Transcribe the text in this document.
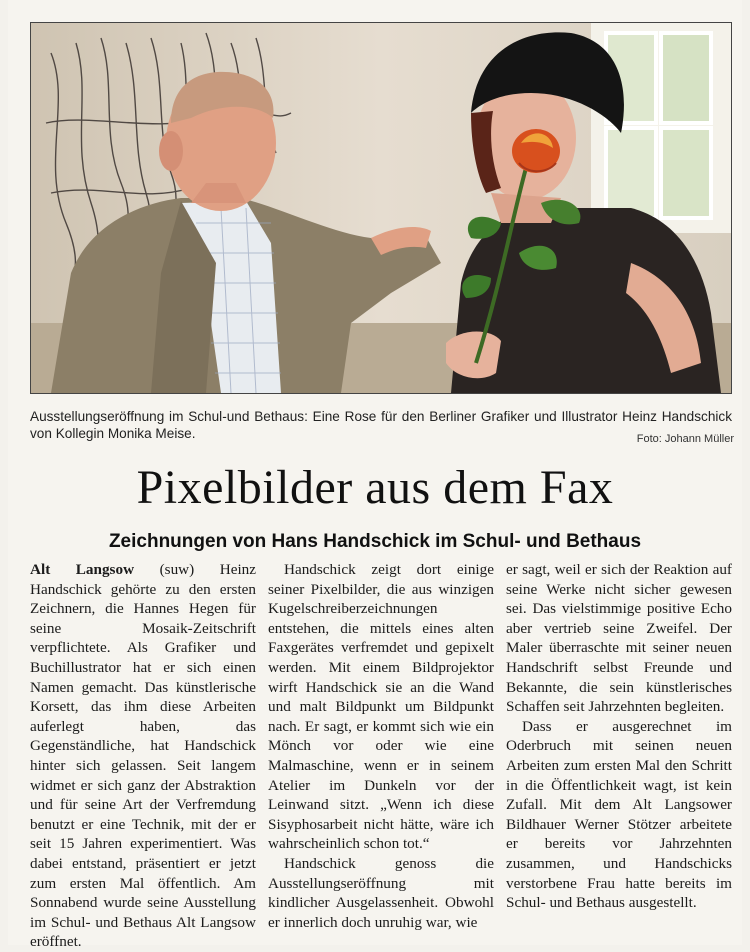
Ausstellungseröffnung im Schul-und Bethaus: Eine Rose für den Berliner Grafiker und Illustrator Heinz Handschick von Kollegin Monika Meise.	Foto: Johann Müller
Pixelbilder aus dem Fax
Zeichnungen von Hans Handschick im Schul- und Bethaus

Alt Langsow (suw) Heinz Handschick gehörte zu den ersten Zeichnern, die Hannes Hegen für seine Mosaik-Zeitschrift verpflichtete. Als Grafiker und Buchillustrator hat er sich einen Namen gemacht. Das künstlerische Korsett, das ihm diese Arbeiten auferlegt haben, das Gegenständliche, hat Handschick hinter sich gelassen. Seit langem widmet er sich ganz der Abstraktion und für seine Art der Verfremdung benutzt er eine Technik, mit der er seit 15 Jahren experimentiert. Was dabei entstand, präsentiert er jetzt zum ersten Mal öffentlich. Am Sonnabend wurde seine Ausstellung im Schul- und Bethaus Alt Langsow eröffnet.

Handschick zeigt dort einige seiner Pixelbilder, die aus winzigen Kugelschreiberzeichnungen entstehen, die mittels eines alten Faxgerätes verfremdet und gepixelt werden. Mit einem Bildprojektor wirft Handschick sie an die Wand und malt Bildpunkt um Bildpunkt nach. Er sagt, er kommt sich wie ein Mönch vor oder wie eine Malmaschine, wenn er in seinem Atelier im Dunkeln vor der Leinwand sitzt. „Wenn ich diese Sisyphosarbeit nicht hätte, wäre ich wahrscheinlich schon tot.“

Handschick genoss die Ausstellungseröffnung mit kindlicher Ausgelassenheit. Obwohl er innerlich doch unruhig war, wie

er sagt, weil er sich der Reaktion auf seine Werke nicht sicher gewesen sei. Das vielstimmige positive Echo aber vertrieb seine Zweifel. Der Maler überraschte mit seiner neuen Handschrift selbst Freunde und Bekannte, die sein künstlerisches Schaffen seit Jahrzehnten begleiten.

Dass er ausgerechnet im Oderbruch mit seinen neuen Arbeiten zum ersten Mal den Schritt in die Öffentlichkeit wagt, ist kein Zufall. Mit dem Alt Langsower Bildhauer Werner Stötzer arbeitete er bereits vor Jahrzehnten zusammen, und Handschicks verstorbene Frau hatte bereits im Schul- und Bethaus ausgestellt.
